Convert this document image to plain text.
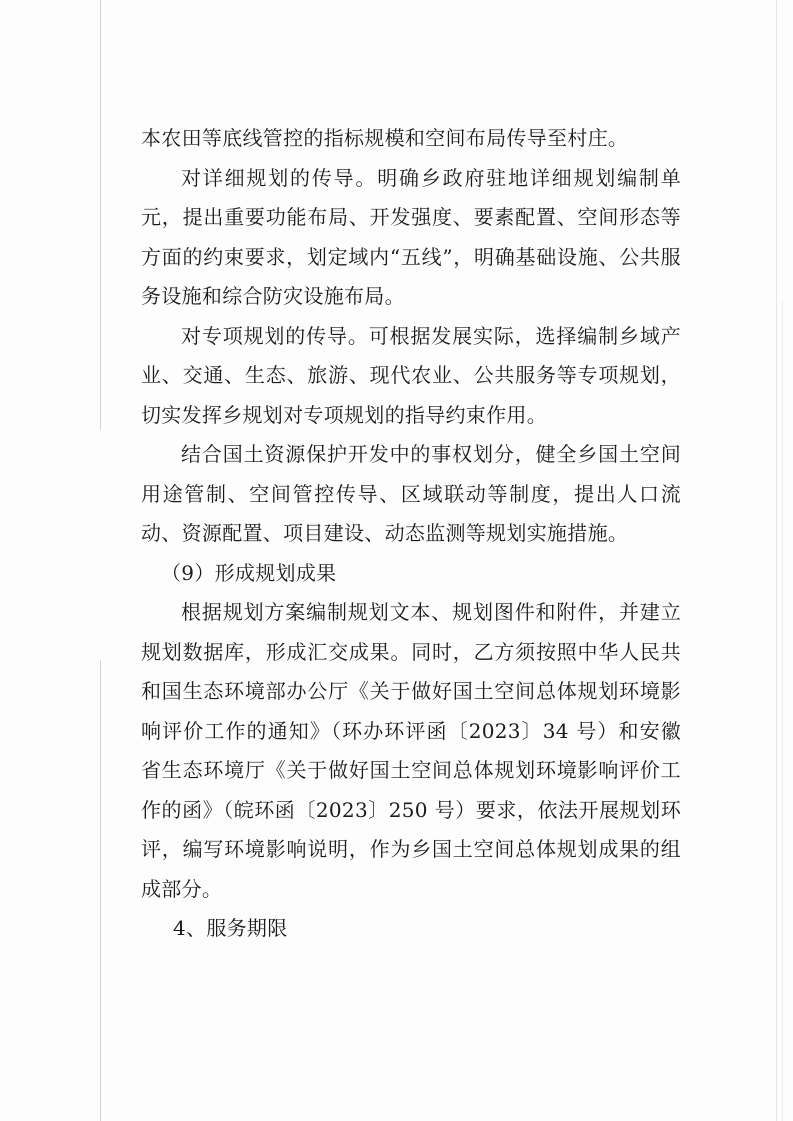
本农田等底线管控的指标规模和空间布局传导至村庄。

对详细规划的传导。明确乡政府驻地详细规划编制单元，提出重要功能布局、开发强度、要素配置、空间形态等方面的约束要求，划定域内“五线”，明确基础设施、公共服务设施和综合防灾设施布局。

对专项规划的传导。可根据发展实际，选择编制乡域产业、交通、生态、旅游、现代农业、公共服务等专项规划，切实发挥乡规划对专项规划的指导约束作用。

结合国土资源保护开发中的事权划分，健全乡国土空间用途管制、空间管控传导、区域联动等制度，提出人口流动、资源配置、项目建设、动态监测等规划实施措施。

（9）形成规划成果

根据规划方案编制规划文本、规划图件和附件，并建立规划数据库，形成汇交成果。同时，乙方须按照中华人民共和国生态环境部办公厅《关于做好国土空间总体规划环境影响评价工作的通知》（环办环评函〔2023〕34 号）和安徽省生态环境厅《关于做好国土空间总体规划环境影响评价工作的函》（皖环函〔2023〕250 号）要求，依法开展规划环评，编写环境影响说明，作为乡国土空间总体规划成果的组成部分。

4、服务期限
